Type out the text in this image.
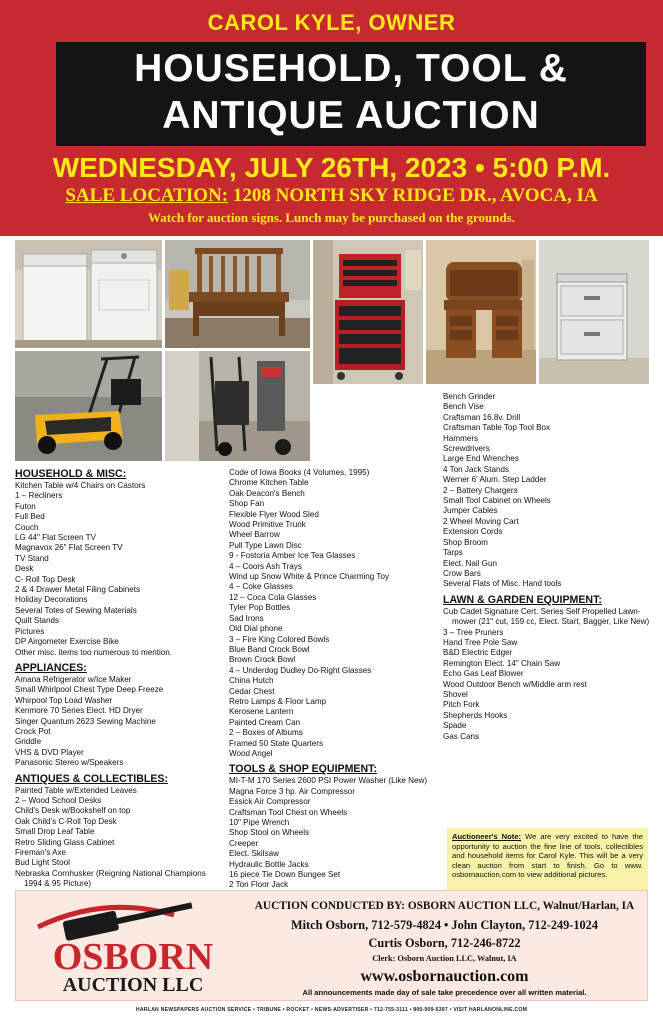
CAROL KYLE, OWNER
HOUSEHOLD, TOOL &
ANTIQUE AUCTION
WEDNESDAY, JULY 26TH, 2023 • 5:00 P.M.
SALE LOCATION: 1208 NORTH SKY RIDGE DR., AVOCA, IA
Watch for auction signs. Lunch may be purchased on the grounds.
HOUSEHOLD & MISC:
Kitchen Table w/4 Chairs on Castors
1 – Recliners
Futon
Full Bed
Couch
LG 44" Flat Screen TV
Magnavox 26" Flat Screen TV
TV Stand
Desk
C- Roll Top Desk
2 & 4 Drawer Metal Filing Cabinets
Holiday Decorations
Several Totes of Sewing Materials
Quilt Stands
Pictures
DP Airgometer Exercise Bike
Other misc. items too numerous to mention.
APPLIANCES:
Amana Refrigerator w/Ice Maker
Small Whirlpool Chest Type Deep Freeze
Whirpool Top Load Washer
Kenmore 70 Series Elect. HD Dryer
Singer Quantum 2623 Sewing Machine
Crock Pot
Griddle
VHS & DVD Player
Panasonic Stereo w/Speakers
ANTIQUES & COLLECTIBLES:
Painted Table w/Extended Leaves
2 – Wood School Desks
Child's Desk w/Bookshelf on top
Oak Child's C-Roll Top Desk
Small Drop Leaf Table
Retro Sliding Glass Cabinet
Fireman's Axe
Bud Light Stool
Nebraska Cornhusker (Reigning National Champions 1994 & 95 Picture)
Code of Iowa Books (4 Volumes, 1995)
Chrome Kitchen Table
Oak Deacon's Bench
Shop Fan
Flexible Flyer Wood Sled
Wood Primitive Trunk
Wheel Barrow
Pull Type Lawn Disc
9 - Fostoria Amber Ice Tea Glasses
4 – Coors Ash Trays
Wind up Snow White & Prince Charming Toy
4 – Coke Glasses
12 – Coca Cola Glasses
Tyler Pop Bottles
Sad Irons
Old Dial phone
3 – Fire King Colored Bowls
Blue Band Crock Bowl
Brown Crock Bowl
4 – Underdog Dudley Do-Right Glasses
China Hutch
Cedar Chest
Retro Lamps & Floor Lamp
Kerosene Lantern
Painted Cream Can
2 – Boxes of Albums
Framed 50 State Quarters
Wood Angel
TOOLS & SHOP EQUIPMENT:
MI-T-M 170 Series 2600 PSI Power Washer (Like New)
Magna Force 3 hp. Air Compressor
Essick Air Compressor
Craftsman Tool Chest on Wheels
10" Pipe Wrench
Shop Stool on Wheels
Creeper
Elect. Skilsaw
Hydraulic Bottle Jacks
16 piece Tie Down Bungee Set
2 Ton Floor Jack
Bench Grinder
Bench Vise
Craftsman 16.8v. Drill
Craftsman Table Top Tool Box
Hammers
Screwdrivers
Large End Wrenches
4 Ton Jack Stands
Werner 6' Alum. Step Ladder
2 – Battery Chargers
Small Tool Cabinet on Wheels
Jumper Cables
2 Wheel Moving Cart
Extension Cords
Shop Broom
Tarps
Elect. Nail Gun
Crow Bars
Several Flats of Misc. Hand tools
LAWN & GARDEN EQUIPMENT:
Cub Cadet Signature Cert. Series Self Propelled Lawn-mower (21" cut, 159 cc, Elect. Start, Bagger, Like New)
3 – Tree Pruners
Hand Tree Pole Saw
B&D Electric Edger
Remington Elect. 14" Chain Saw
Echo Gas Leaf Blower
Wood Outdoor Bench w/Middle arm rest
Shovel
Pitch Fork
Shepherds Hooks
Spade
Gas Cans
Auctioneer's Note: We are very excited to have the opportunity to auction the fine line of tools, collectibles and household items for Carol Kyle. This will be a very clean auction from start to finish. Go to www. osbornauction.com to view additional pictures.
OSBORN
AUCTION LLC
AUCTION CONDUCTED BY: OSBORN AUCTION LLC, Walnut/Harlan, IA
Mitch Osborn, 712-579-4824 • John Clayton, 712-249-1024
Curtis Osborn, 712-246-8722
Clerk: Osborn Auction LLC, Walnut, IA
www.osbornauction.com
All announcements made day of sale take precedence over all written material.
HARLAN NEWSPAPERS AUCTION SERVICE • TRIBUNE • ROCKET • NEWS-ADVERTISER • 712-755-3111 • 800-909-6397 • VISIT HARLANONLINE.COM
